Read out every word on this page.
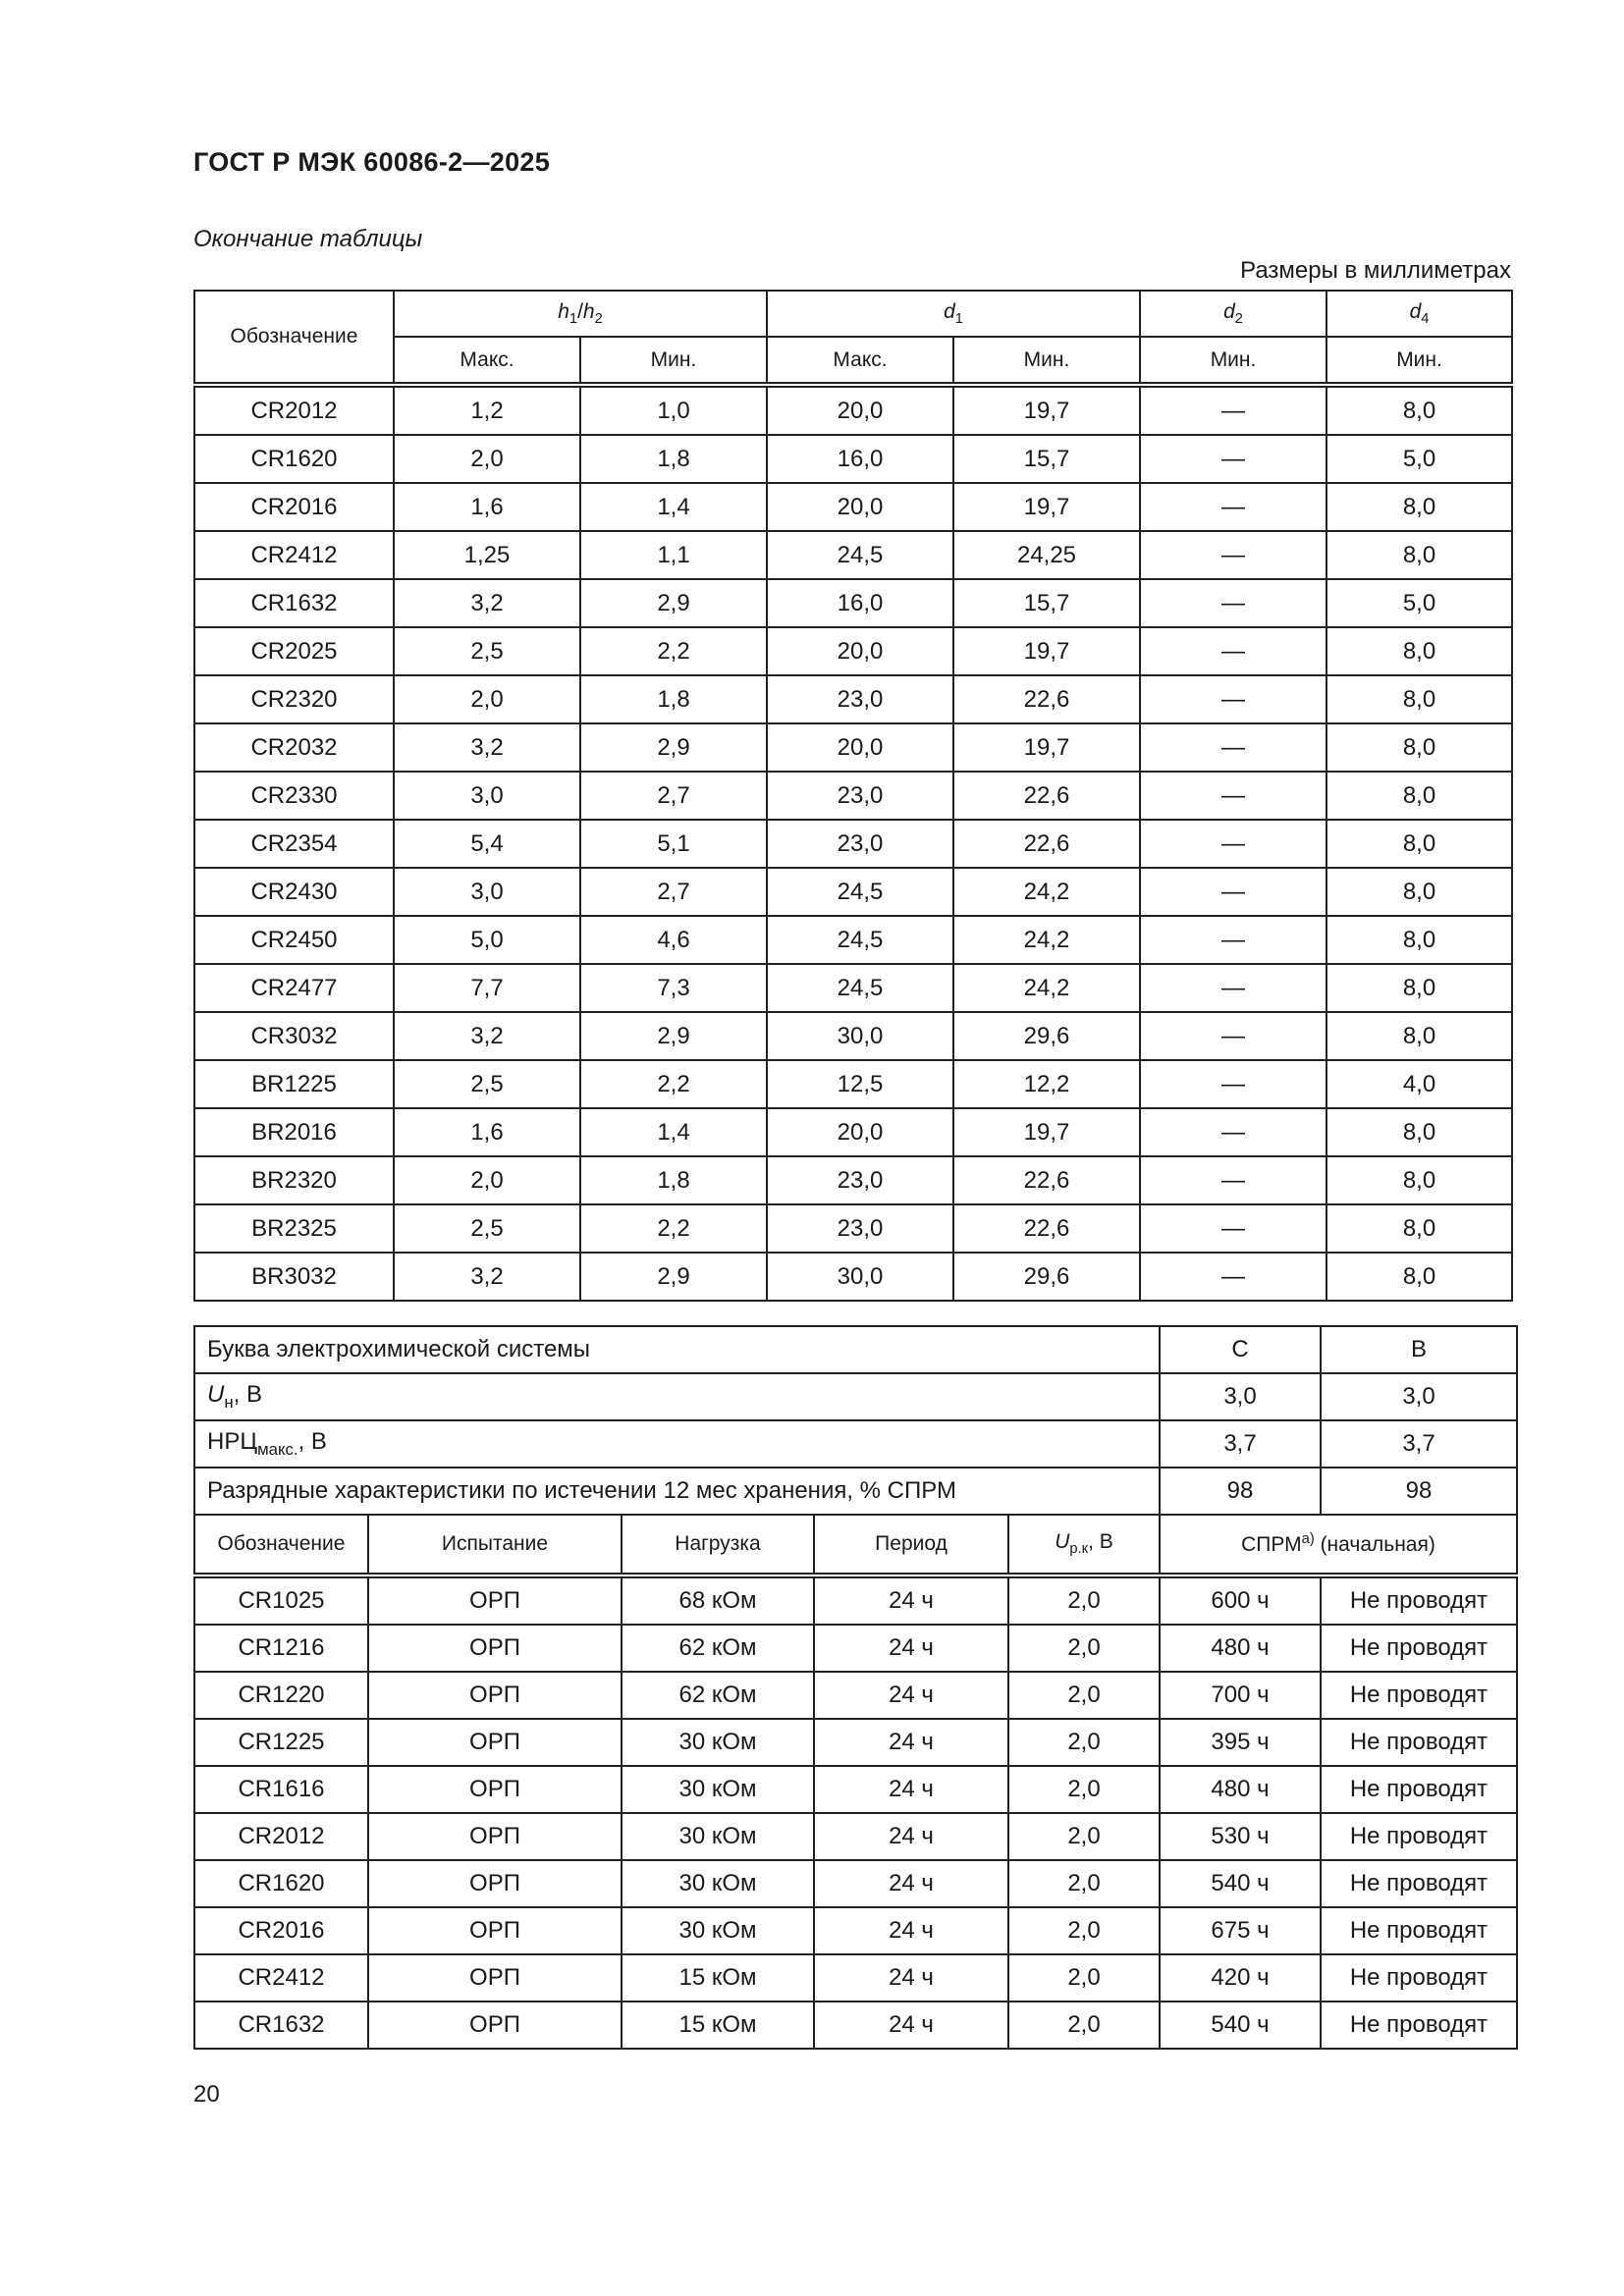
ГОСТ Р МЭК 60086-2—2025
Окончание таблицы
Размеры в миллиметрах
Обозначение	$h_1/h_2$		$d_1$		$d_2$	$d_4$
	Макс.	Мин.	Макс.	Мин.	Мин.	Мин.
CR2012	1,2	1,0	20,0	19,7	—	8,0
CR1620	2,0	1,8	16,0	15,7	—	5,0
CR2016	1,6	1,4	20,0	19,7	—	8,0
CR2412	1,25	1,1	24,5	24,25	—	8,0
CR1632	3,2	2,9	16,0	15,7	—	5,0
CR2025	2,5	2,2	20,0	19,7	—	8,0
CR2320	2,0	1,8	23,0	22,6	—	8,0
CR2032	3,2	2,9	20,0	19,7	—	8,0
CR2330	3,0	2,7	23,0	22,6	—	8,0
CR2354	5,4	5,1	23,0	22,6	—	8,0
CR2430	3,0	2,7	24,5	24,2	—	8,0
CR2450	5,0	4,6	24,5	24,2	—	8,0
CR2477	7,7	7,3	24,5	24,2	—	8,0
CR3032	3,2	2,9	30,0	29,6	—	8,0
BR1225	2,5	2,2	12,5	12,2	—	4,0
BR2016	1,6	1,4	20,0	19,7	—	8,0
BR2320	2,0	1,8	23,0	22,6	—	8,0
BR2325	2,5	2,2	23,0	22,6	—	8,0
BR3032	3,2	2,9	30,0	29,6	—	8,0
Буква электрохимической системы					C	B
$U_н$, В					3,0	3,0
$НРЦ_{макс.}$, В					3,7	3,7
Разрядные характеристики по истечении 12 мес хранения, % СПРМ					98	98
Обозначение	Испытание	Нагрузка	Период	$U_{р.к}$, В	$СПРМ^{а)}$ (начальная)	
CR1025	ОРП	68 кОм	24 ч	2,0	600 ч	Не проводят
CR1216	ОРП	62 кОм	24 ч	2,0	480 ч	Не проводят
CR1220	ОРП	62 кОм	24 ч	2,0	700 ч	Не проводят
CR1225	ОРП	30 кОм	24 ч	2,0	395 ч	Не проводят
CR1616	ОРП	30 кОм	24 ч	2,0	480 ч	Не проводят
CR2012	ОРП	30 кОм	24 ч	2,0	530 ч	Не проводят
CR1620	ОРП	30 кОм	24 ч	2,0	540 ч	Не проводят
CR2016	ОРП	30 кОм	24 ч	2,0	675 ч	Не проводят
CR2412	ОРП	15 кОм	24 ч	2,0	420 ч	Не проводят
CR1632	ОРП	15 кОм	24 ч	2,0	540 ч	Не проводят
20
